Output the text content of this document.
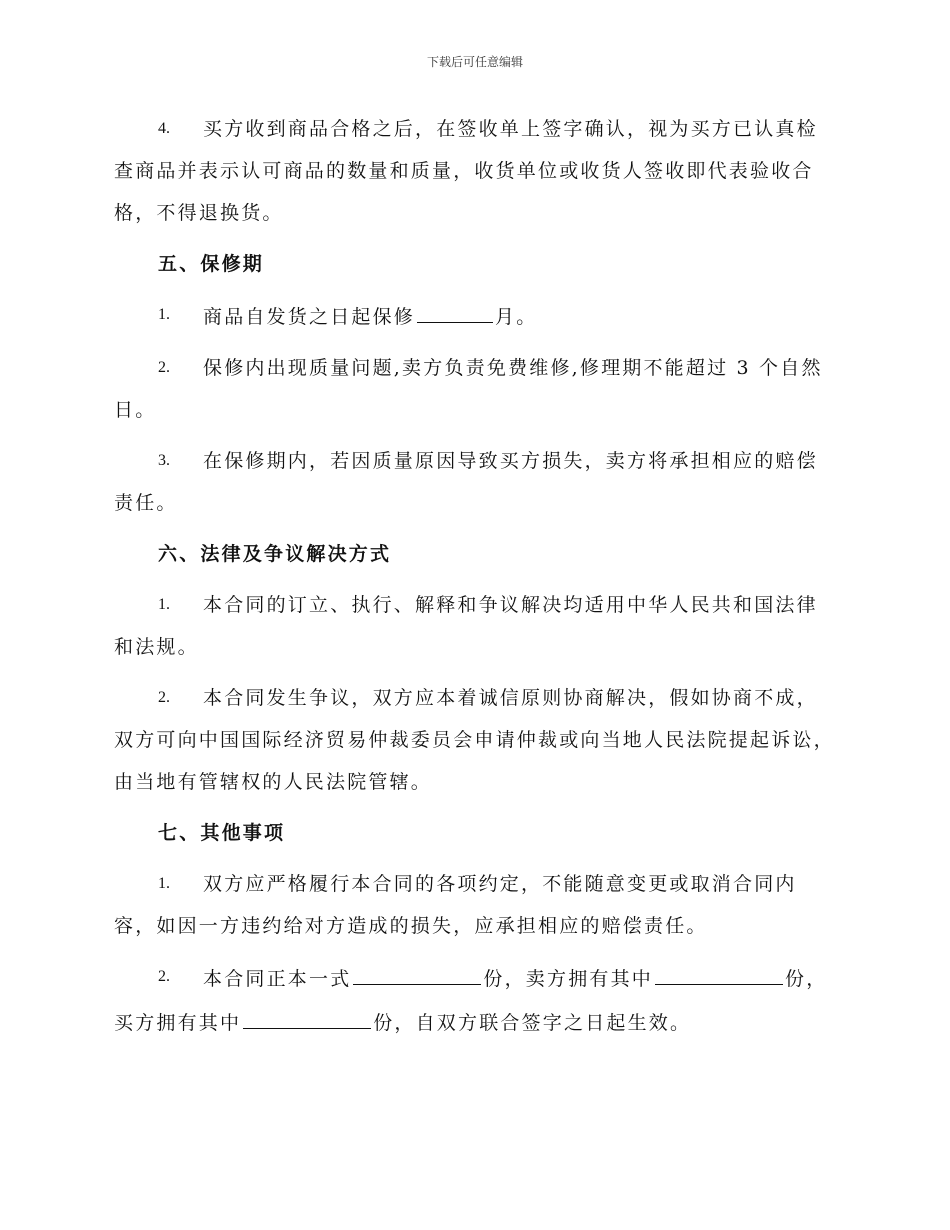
下载后可任意编辑

4. 买方收到商品合格之后，在签收单上签字确认，视为买方已认真检查商品并表示认可商品的数量和质量，收货单位或收货人签收即代表验收合格，不得退换货。

五、保修期

1. 商品自发货之日起保修	月。

2. 保修内出现质量问题,卖方负责免费维修,修理期不能超过 3 个自然日。

3. 在保修期内，若因质量原因导致买方损失，卖方将承担相应的赔偿责任。

六、法律及争议解决方式

1. 本合同的订立、执行、解释和争议解决均适用中华人民共和国法律和法规。

2. 本合同发生争议，双方应本着诚信原则协商解决，假如协商不成，双方可向中国国际经济贸易仲裁委员会申请仲裁或向当地人民法院提起诉讼，由当地有管辖权的人民法院管辖。

七、其他事项

1. 双方应严格履行本合同的各项约定，不能随意变更或取消合同内容，如因一方违约给对方造成的损失，应承担相应的赔偿责任。

2. 本合同正本一式	份，卖方拥有其中	份，买方拥有其中	份，自双方联合签字之日起生效。
